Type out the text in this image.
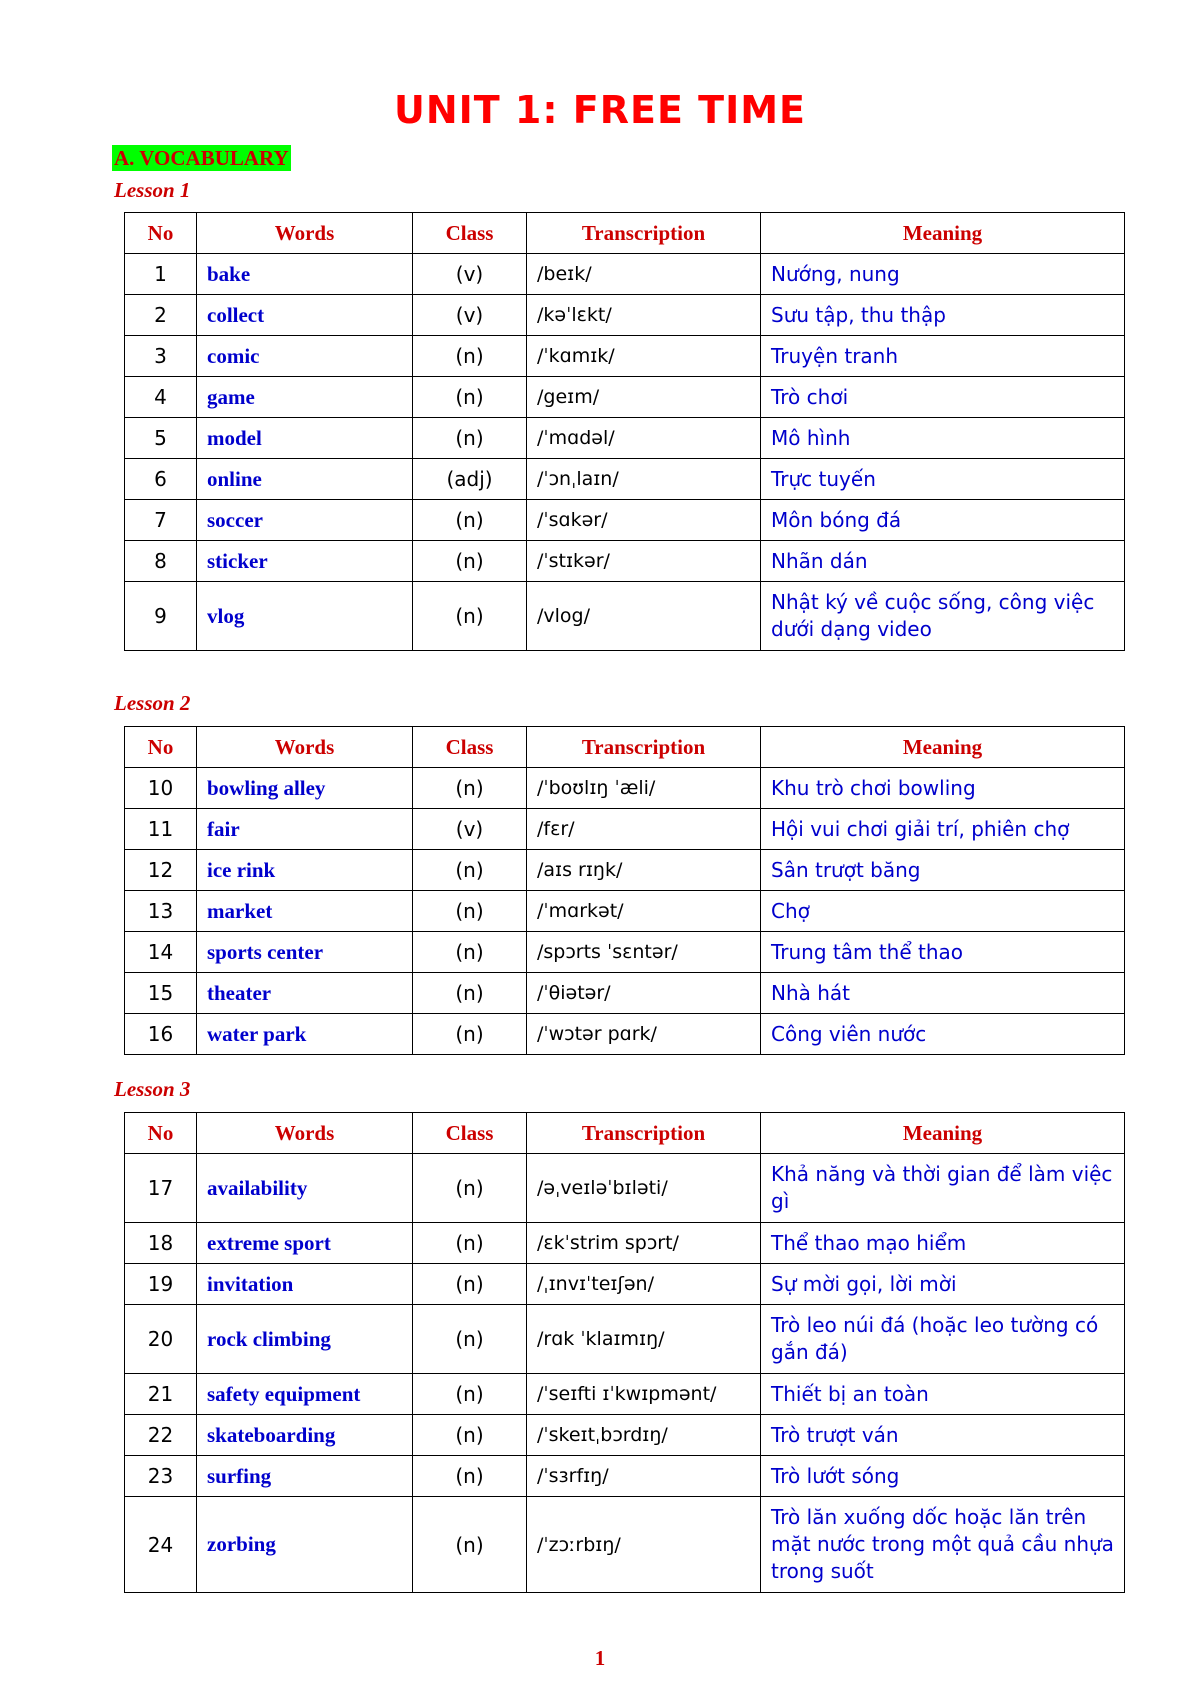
UNIT 1: FREE TIME
A. VOCABULARY
Lesson 1
No	Words	Class	Transcription	Meaning
1	bake	(v)	/beɪk/	Nướng, nung
2	collect	(v)	/kəˈlɛkt/	Sưu tập, thu thập
3	comic	(n)	/ˈkɑmɪk/	Truyện tranh
4	game	(n)	/geɪm/	Trò chơi
5	model	(n)	/ˈmɑdəl/	Mô hình
6	online	(adj)	/ˈɔnˌlaɪn/	Trực tuyến
7	soccer	(n)	/ˈsɑkər/	Môn bóng đá
8	sticker	(n)	/ˈstɪkər/	Nhãn dán
9	vlog	(n)	/vlog/	Nhật ký về cuộc sống, công việc dưới dạng video
Lesson 2
No	Words	Class	Transcription	Meaning
10	bowling alley	(n)	/ˈboʊlɪŋ ˈæli/	Khu trò chơi bowling
11	fair	(v)	/fɛr/	Hội vui chơi giải trí, phiên chợ
12	ice rink	(n)	/aɪs rɪŋk/	Sân trượt băng
13	market	(n)	/ˈmɑrkət/	Chợ
14	sports center	(n)	/spɔrts ˈsɛntər/	Trung tâm thể thao
15	theater	(n)	/ˈθiətər/	Nhà hát
16	water park	(n)	/ˈwɔtər pɑrk/	Công viên nước
Lesson 3
No	Words	Class	Transcription	Meaning
17	availability	(n)	/əˌveɪləˈbɪləti/	Khả năng và thời gian để làm việc gì
18	extreme sport	(n)	/ɛkˈstrim spɔrt/	Thể thao mạo hiểm
19	invitation	(n)	/ˌɪnvɪˈteɪʃən/	Sự mời gọi, lời mời
20	rock climbing	(n)	/rɑk ˈklaɪmɪŋ/	Trò leo núi đá (hoặc leo tường có gắn đá)
21	safety equipment	(n)	/ˈseɪfti ɪˈkwɪpmənt/	Thiết bị an toàn
22	skateboarding	(n)	/ˈskeɪtˌbɔrdɪŋ/	Trò trượt ván
23	surfing	(n)	/ˈsɜrfɪŋ/	Trò lướt sóng
24	zorbing	(n)	/ˈzɔːrbɪŋ/	Trò lăn xuống dốc hoặc lăn trên mặt nước trong một quả cầu nhựa trong suốt
1
